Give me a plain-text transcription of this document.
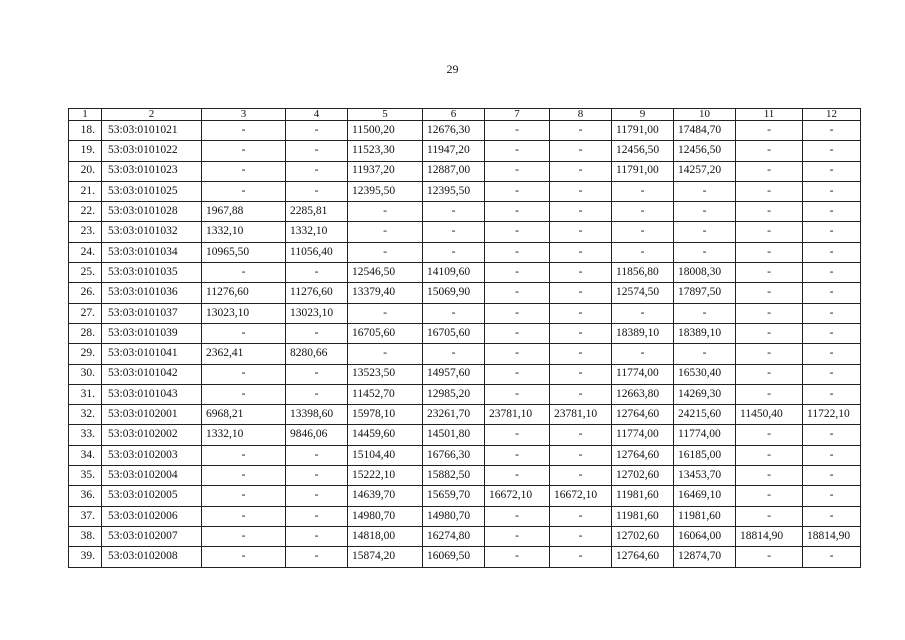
29
1	2	3	4	5	6	7	8	9	10	11	12
18.	53:03:0101021	-	-	11500,20	12676,30	-	-	11791,00	17484,70	-	-
19.	53:03:0101022	-	-	11523,30	11947,20	-	-	12456,50	12456,50	-	-
20.	53:03:0101023	-	-	11937,20	12887,00	-	-	11791,00	14257,20	-	-
21.	53:03:0101025	-	-	12395,50	12395,50	-	-	-	-	-	-
22.	53:03:0101028	1967,88	2285,81	-	-	-	-	-	-	-	-
23.	53:03:0101032	1332,10	1332,10	-	-	-	-	-	-	-	-
24.	53:03:0101034	10965,50	11056,40	-	-	-	-	-	-	-	-
25.	53:03:0101035	-	-	12546,50	14109,60	-	-	11856,80	18008,30	-	-
26.	53:03:0101036	11276,60	11276,60	13379,40	15069,90	-	-	12574,50	17897,50	-	-
27.	53:03:0101037	13023,10	13023,10	-	-	-	-	-	-	-	-
28.	53:03:0101039	-	-	16705,60	16705,60	-	-	18389,10	18389,10	-	-
29.	53:03:0101041	2362,41	8280,66	-	-	-	-	-	-	-	-
30.	53:03:0101042	-	-	13523,50	14957,60	-	-	11774,00	16530,40	-	-
31.	53:03:0101043	-	-	11452,70	12985,20	-	-	12663,80	14269,30	-	-
32.	53:03:0102001	6968,21	13398,60	15978,10	23261,70	23781,10	23781,10	12764,60	24215,60	11450,40	11722,10
33.	53:03:0102002	1332,10	9846,06	14459,60	14501,80	-	-	11774,00	11774,00	-	-
34.	53:03:0102003	-	-	15104,40	16766,30	-	-	12764,60	16185,00	-	-
35.	53:03:0102004	-	-	15222,10	15882,50	-	-	12702,60	13453,70	-	-
36.	53:03:0102005	-	-	14639,70	15659,70	16672,10	16672,10	11981,60	16469,10	-	-
37.	53:03:0102006	-	-	14980,70	14980,70	-	-	11981,60	11981,60	-	-
38.	53:03:0102007	-	-	14818,00	16274,80	-	-	12702,60	16064,00	18814,90	18814,90
39.	53:03:0102008	-	-	15874,20	16069,50	-	-	12764,60	12874,70	-	-
